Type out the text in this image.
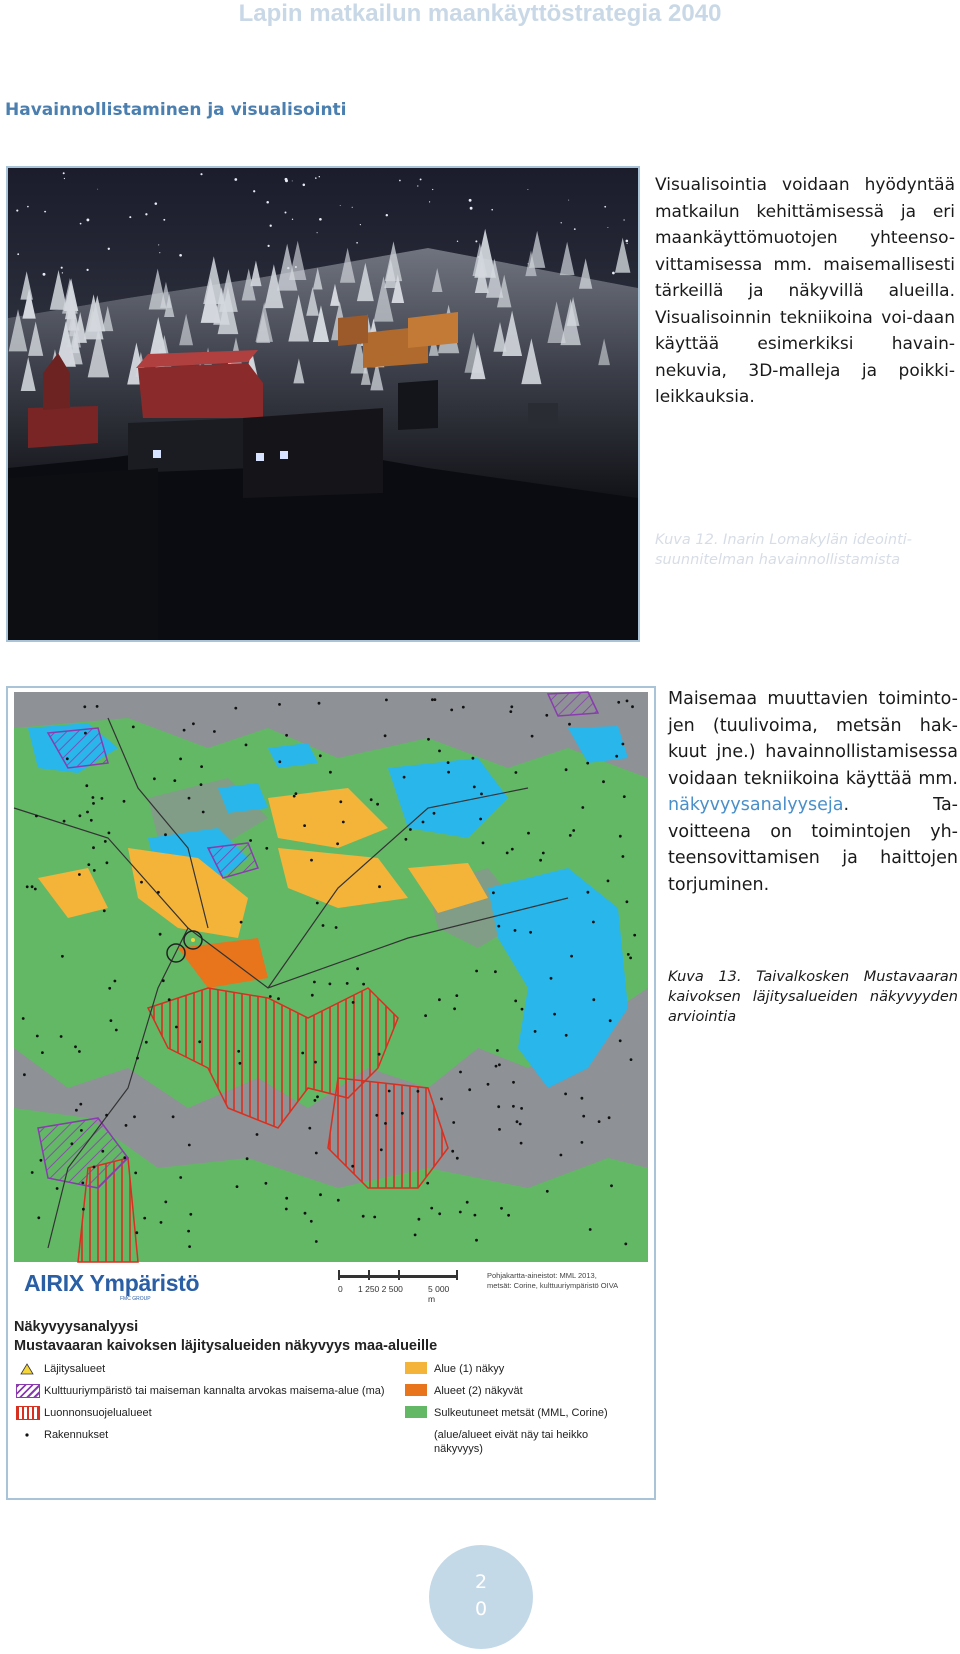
Lapin matkailun maankäyttöstrategia 2040
Havainnollistaminen ja visualisointi
Visualisointia voidaan hyödyntää matkailun kehittämisessä ja eri maankäyttömuotojen yhteenso-vittamisessa mm. maisemallisesti tärkeillä ja näkyvillä alueilla. Visualisoinnin tekniikoina voi-daan käyttää esimerkiksi havain-nekuvia, 3D-malleja ja poikki-leikkauksia.
Kuva 12. Inarin Lomakylän ideointi-suunnitelman havainnollistamista
AIRIX Ympäristö
FMC GROUP
0 1 250 2 500	5 000 m
Pohjakartta-aineistot: MML 2013,
metsät: Corine, kulttuuriympäristö OIVA
Näkyvyysanalyysi
Mustavaaran kaivoksen läjitysalueiden näkyvyys maa-alueille
Läjitysalueet
Kulttuuriympäristö tai maiseman kannalta arvokas maisema-alue (ma)
Luonnonsuojelualueet
Rakennukset
Alue (1) näkyy
Alueet (2) näkyvät
Sulkeutuneet metsät (MML, Corine)
(alue/alueet eivät näy tai heikko
näkyvyys)
Maisemaa muuttavien toiminto-jen (tuulivoima, metsän hak-kuut jne.) havainnollistamisessa voidaan tekniikoina käyttää mm. näkyvyysanalyyseja. Ta-voitteena on toimintojen yh-teensovittamisen ja haittojen torjuminen.
Kuva 13. Taivalkosken Mustavaaran kaivoksen läjitysalueiden näkyvyyden arviointia
2
0
